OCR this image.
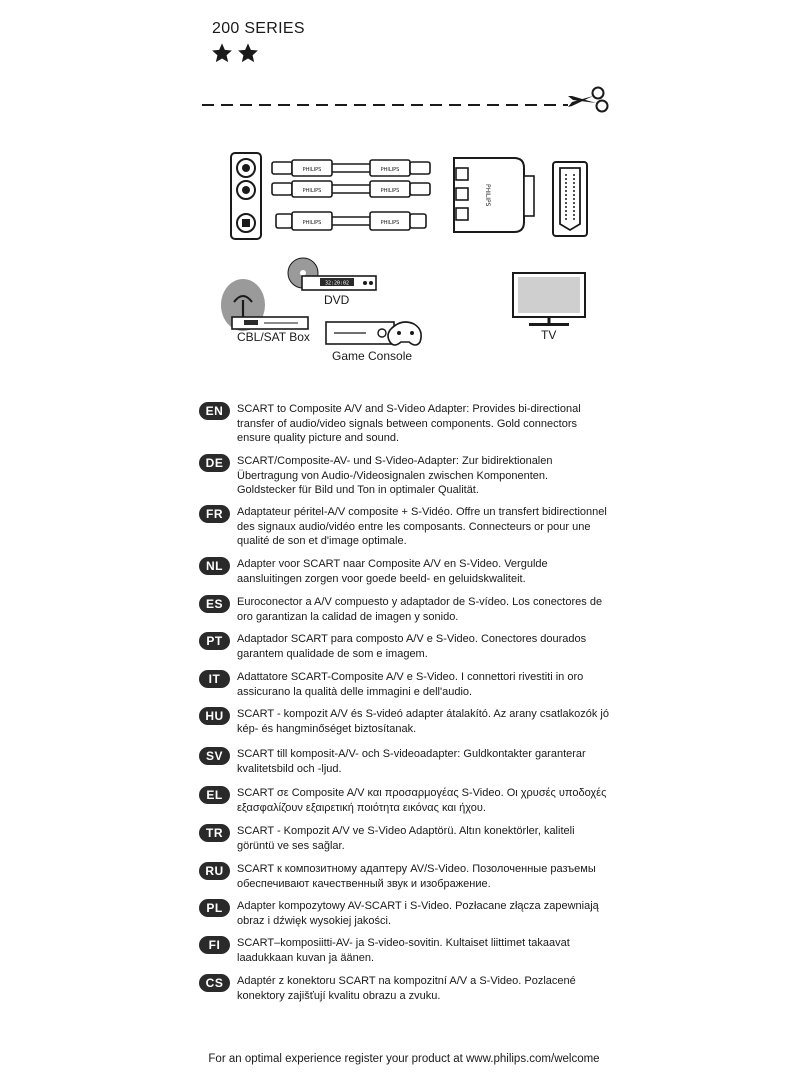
200 SERIES
PHILIPS	PHILIPS
PHILIPS	PHILIPS
PHILIPS	PHILIPS
PHILIPS
32:20:02
DVD
CBL/SAT Box
Game Console
TV
EN	SCART to Composite A/V and S-Video Adapter: Provides bi-directional transfer of audio/video signals between components. Gold connectors ensure quality picture and sound.
DE	SCART/Composite-AV- und S-Video-Adapter: Zur bidirektionalen Übertragung von Audio-/Videosignalen zwischen Komponenten. Goldstecker für Bild und Ton in optimaler Qualität.
FR	Adaptateur péritel-A/V composite + S-Vidéo. Offre un transfert bidirectionnel des signaux audio/vidéo entre les composants. Connecteurs or pour une qualité de son et d'image optimale.
NL	Adapter voor SCART naar Composite A/V en S-Video. Vergulde aansluitingen zorgen voor goede beeld- en geluidskwaliteit.
ES	Euroconector a A/V compuesto y adaptador de S-vídeo. Los conectores de oro garantizan la calidad de imagen y sonido.
PT	Adaptador SCART para composto A/V e S-Video. Conectores dourados garantem qualidade de som e imagem.
IT	Adattatore SCART-Composite A/V e S-Video. I connettori rivestiti in oro assicurano la qualità delle immagini e dell'audio.
HU	SCART - kompozit A/V és S-videó adapter átalakító. Az arany csatlakozók jó kép- és hangminőséget biztosítanak.
SV	SCART till komposit-A/V- och S-videoadapter: Guldkontakter garanterar kvalitetsbild och -ljud.
EL	SCART σε Composite A/V και προσαρμογέας S-Video. Οι χρυσές υποδοχές εξασφαλίζουν εξαιρετική ποιότητα εικόνας και ήχου.
TR	SCART - Kompozit A/V ve S-Video Adaptörü. Altın konektörler, kaliteli görüntü ve ses sağlar.
RU	SCART к композитному адаптеру AV/S-Video. Позолоченные разъемы обеспечивают качественный звук и изображение.
PL	Adapter kompozytowy AV-SCART i S-Video. Pozłacane złącza zapewniają obraz i dźwięk wysokiej jakości.
FI	SCART–komposiitti-AV- ja S-video-sovitin. Kultaiset liittimet takaavat laadukkaan kuvan ja äänen.
CS	Adaptér z konektoru SCART na kompozitní A/V a S-Video. Pozlacené konektory zajišťují kvalitu obrazu a zvuku.
For an optimal experience register your product at www.philips.com/welcome
